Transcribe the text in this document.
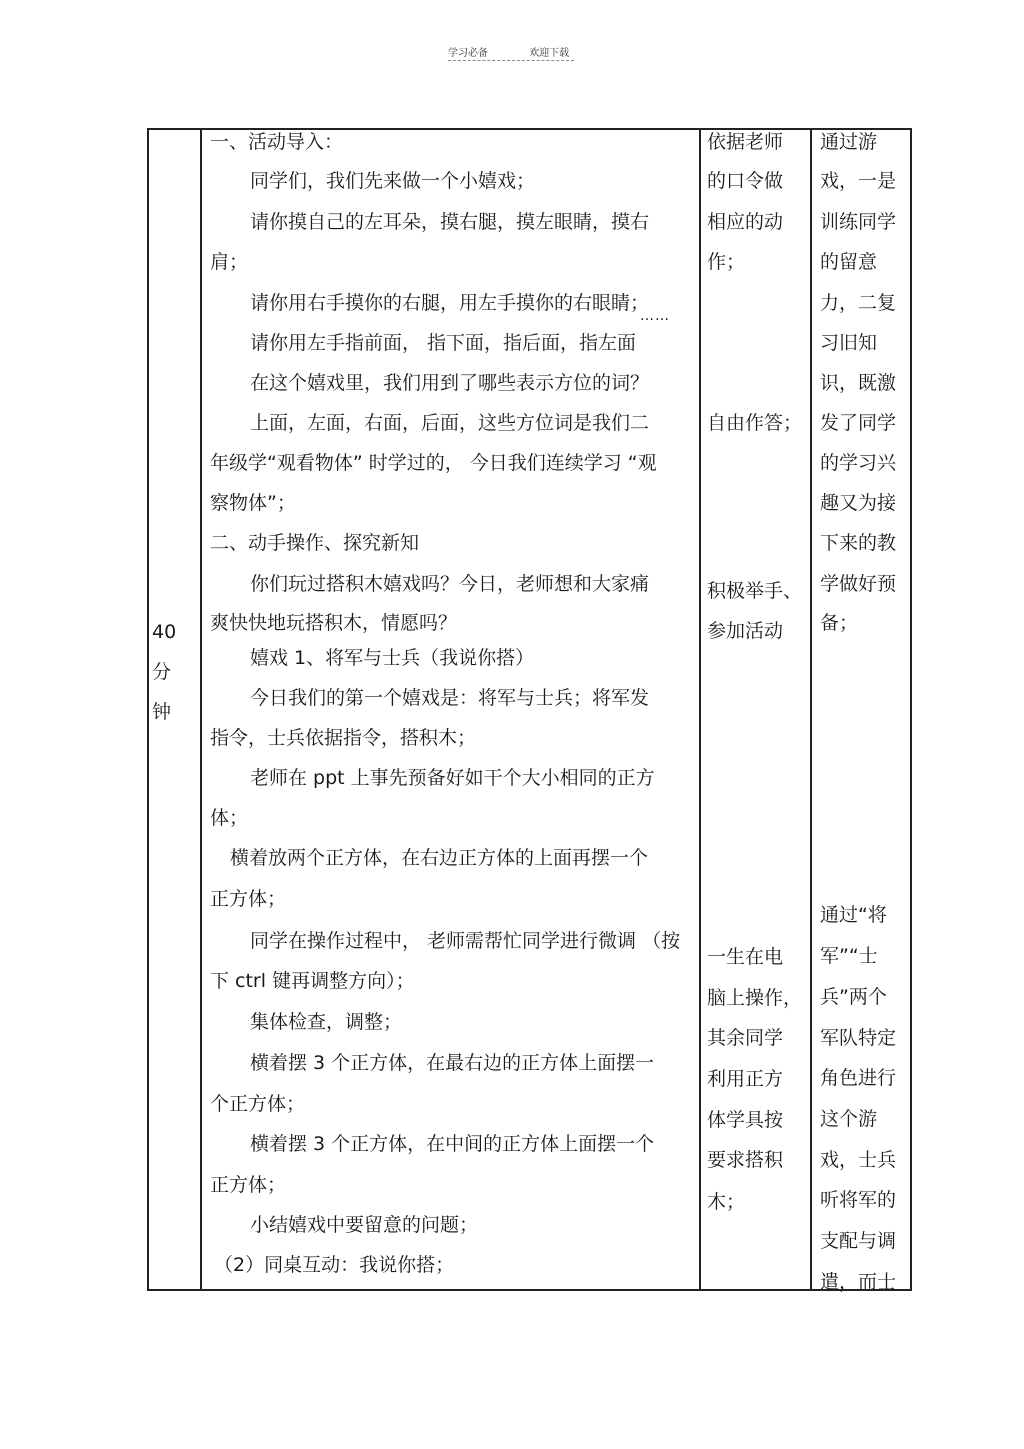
学习必备	欢迎下载
40
分
钟
一、活动导入：
同学们，我们先来做一个小嬉戏；
请你摸自己的左耳朵，摸右腿，摸左眼睛，摸右
肩；
请你用右手摸你的右腿，用左手摸你的右眼睛；
……
请你用左手指前面， 指下面，指后面，指左面
在这个嬉戏里，我们用到了哪些表示方位的词？
上面，左面，右面，后面，这些方位词是我们二
年级学“观看物体” 时学过的， 今日我们连续学习 “观
察物体”；
二、动手操作、探究新知
你们玩过搭积木嬉戏吗？今日，老师想和大家痛
爽快快地玩搭积木，情愿吗？
嬉戏 1、将军与士兵（我说你搭）
今日我们的第一个嬉戏是：将军与士兵；将军发
指令，士兵依据指令，搭积木；
老师在 ppt 上事先预备好如干个大小相同的正方
体；
横着放两个正方体，在右边正方体的上面再摆一个
正方体；
同学在操作过程中， 老师需帮忙同学进行微调 （按
下 ctrl 键再调整方向）；
集体检查，调整；
横着摆 3 个正方体，在最右边的正方体上面摆一
个正方体；
横着摆 3 个正方体，在中间的正方体上面摆一个
正方体；
小结嬉戏中要留意的问题；
（2）同桌互动：我说你搭；
依据老师
的口令做
相应的动
作；
自由作答；
积极举手、
参加活动
一生在电
脑上操作，
其余同学
利用正方
体学具按
要求搭积
木；
通过游
戏，一是
训练同学
的留意
力，二复
习旧知
识，既激
发了同学
的学习兴
趣又为接
下来的教
学做好预
备；
通过“将
军”“士
兵”两个
军队特定
角色进行
这个游
戏，士兵
听将军的
支配与调
遣，而士
